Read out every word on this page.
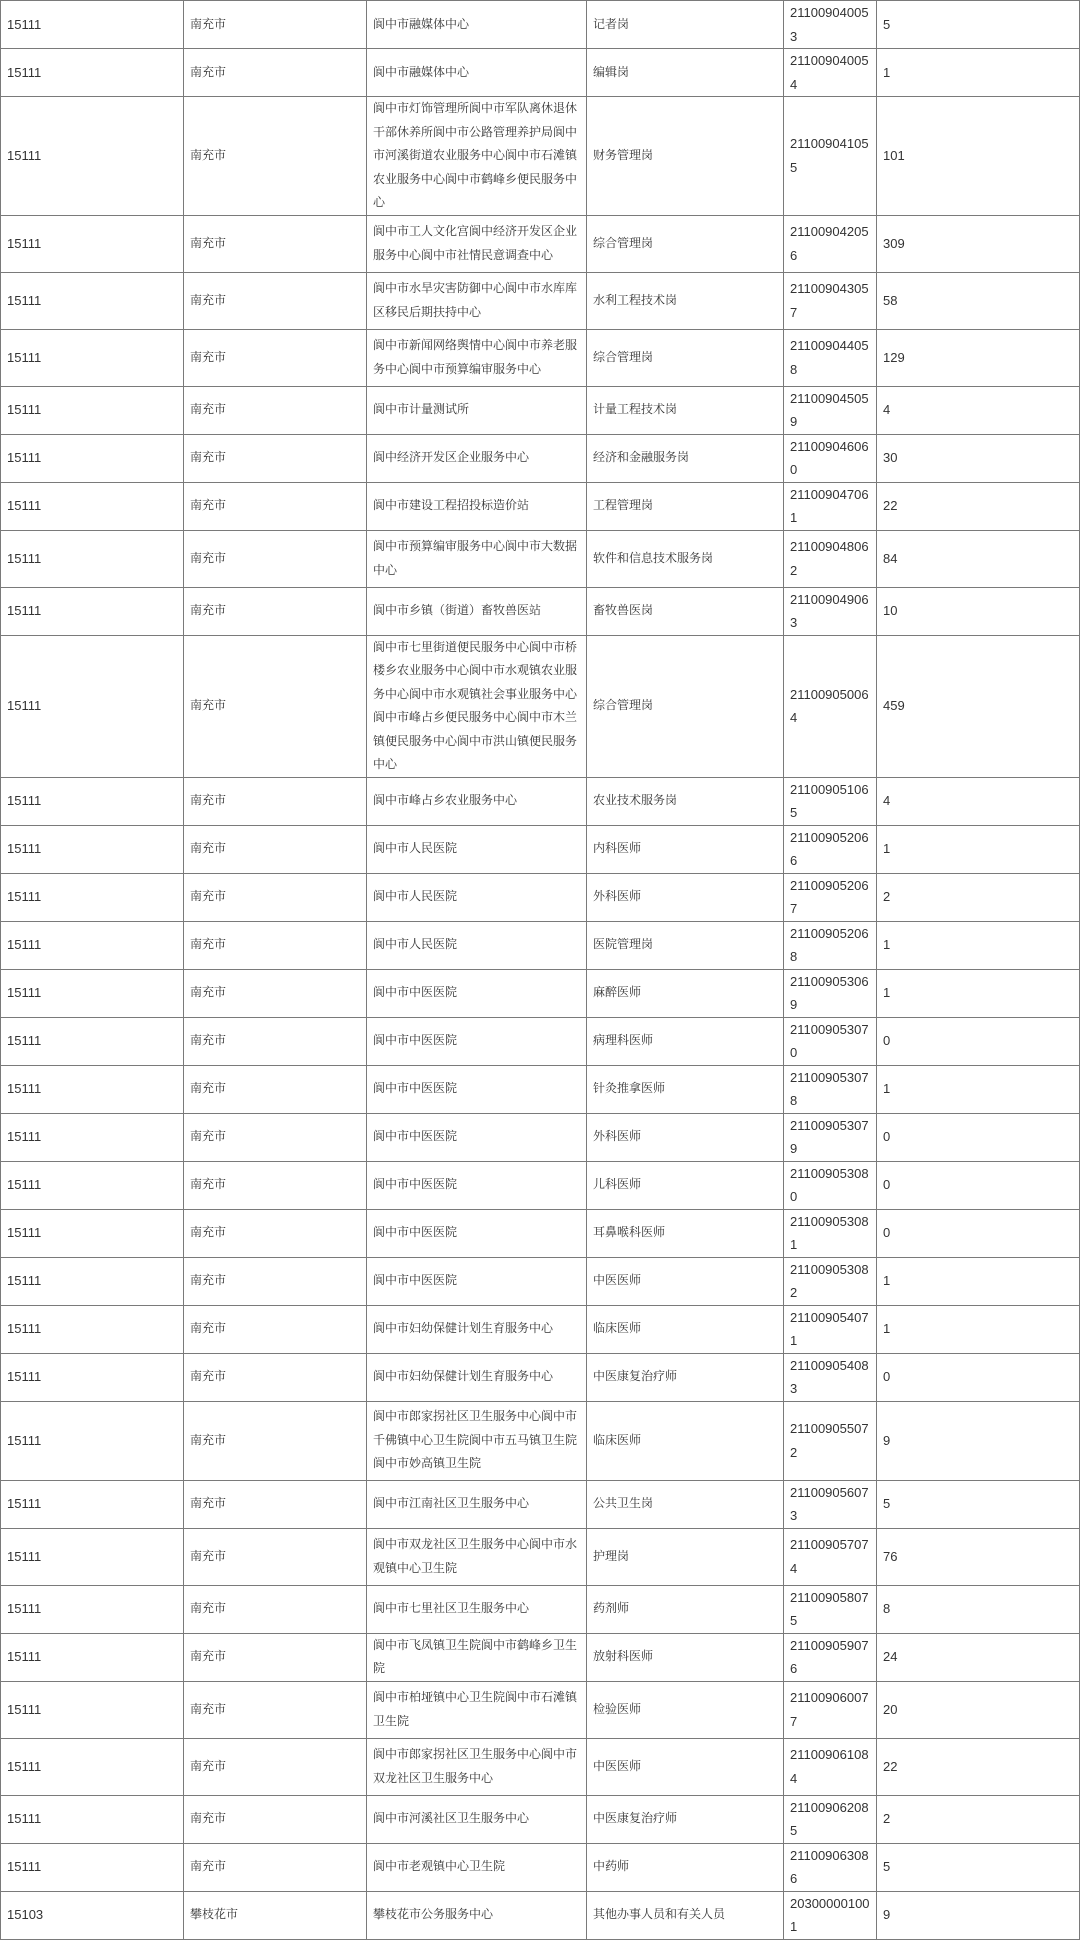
15111	南充市	阆中市融媒体中心	记者岗	211009040053	5
15111	南充市	阆中市融媒体中心	编辑岗	211009040054	1
15111	南充市	阆中市灯饰管理所阆中市军队离休退休干部休养所阆中市公路管理养护局阆中市河溪街道农业服务中心阆中市石滩镇农业服务中心阆中市鹤峰乡便民服务中心	财务管理岗	211009041055	101
15111	南充市	阆中市工人文化宫阆中经济开发区企业服务中心阆中市社情民意调查中心	综合管理岗	211009042056	309
15111	南充市	阆中市水旱灾害防御中心阆中市水库库区移民后期扶持中心	水利工程技术岗	211009043057	58
15111	南充市	阆中市新闻网络舆情中心阆中市养老服务中心阆中市预算编审服务中心	综合管理岗	211009044058	129
15111	南充市	阆中市计量测试所	计量工程技术岗	211009045059	4
15111	南充市	阆中经济开发区企业服务中心	经济和金融服务岗	211009046060	30
15111	南充市	阆中市建设工程招投标造价站	工程管理岗	211009047061	22
15111	南充市	阆中市预算编审服务中心阆中市大数据中心	软件和信息技术服务岗	211009048062	84
15111	南充市	阆中市乡镇（街道）畜牧兽医站	畜牧兽医岗	211009049063	10
15111	南充市	阆中市七里街道便民服务中心阆中市桥楼乡农业服务中心阆中市水观镇农业服务中心阆中市水观镇社会事业服务中心阆中市峰占乡便民服务中心阆中市木兰镇便民服务中心阆中市洪山镇便民服务中心	综合管理岗	211009050064	459
15111	南充市	阆中市峰占乡农业服务中心	农业技术服务岗	211009051065	4
15111	南充市	阆中市人民医院	内科医师	211009052066	1
15111	南充市	阆中市人民医院	外科医师	211009052067	2
15111	南充市	阆中市人民医院	医院管理岗	211009052068	1
15111	南充市	阆中市中医医院	麻醉医师	211009053069	1
15111	南充市	阆中市中医医院	病理科医师	211009053070	0
15111	南充市	阆中市中医医院	针灸推拿医师	211009053078	1
15111	南充市	阆中市中医医院	外科医师	211009053079	0
15111	南充市	阆中市中医医院	儿科医师	211009053080	0
15111	南充市	阆中市中医医院	耳鼻喉科医师	211009053081	0
15111	南充市	阆中市中医医院	中医医师	211009053082	1
15111	南充市	阆中市妇幼保健计划生育服务中心	临床医师	211009054071	1
15111	南充市	阆中市妇幼保健计划生育服务中心	中医康复治疗师	211009054083	0
15111	南充市	阆中市郎家拐社区卫生服务中心阆中市千佛镇中心卫生院阆中市五马镇卫生院阆中市妙高镇卫生院	临床医师	211009055072	9
15111	南充市	阆中市江南社区卫生服务中心	公共卫生岗	211009056073	5
15111	南充市	阆中市双龙社区卫生服务中心阆中市水观镇中心卫生院	护理岗	211009057074	76
15111	南充市	阆中市七里社区卫生服务中心	药剂师	211009058075	8
15111	南充市	阆中市飞凤镇卫生院阆中市鹤峰乡卫生院	放射科医师	211009059076	24
15111	南充市	阆中市柏垭镇中心卫生院阆中市石滩镇卫生院	检验医师	211009060077	20
15111	南充市	阆中市郎家拐社区卫生服务中心阆中市双龙社区卫生服务中心	中医医师	211009061084	22
15111	南充市	阆中市河溪社区卫生服务中心	中医康复治疗师	211009062085	2
15111	南充市	阆中市老观镇中心卫生院	中药师	211009063086	5
15103	攀枝花市	攀枝花市公务服务中心	其他办事人员和有关人员	203000001001	9
